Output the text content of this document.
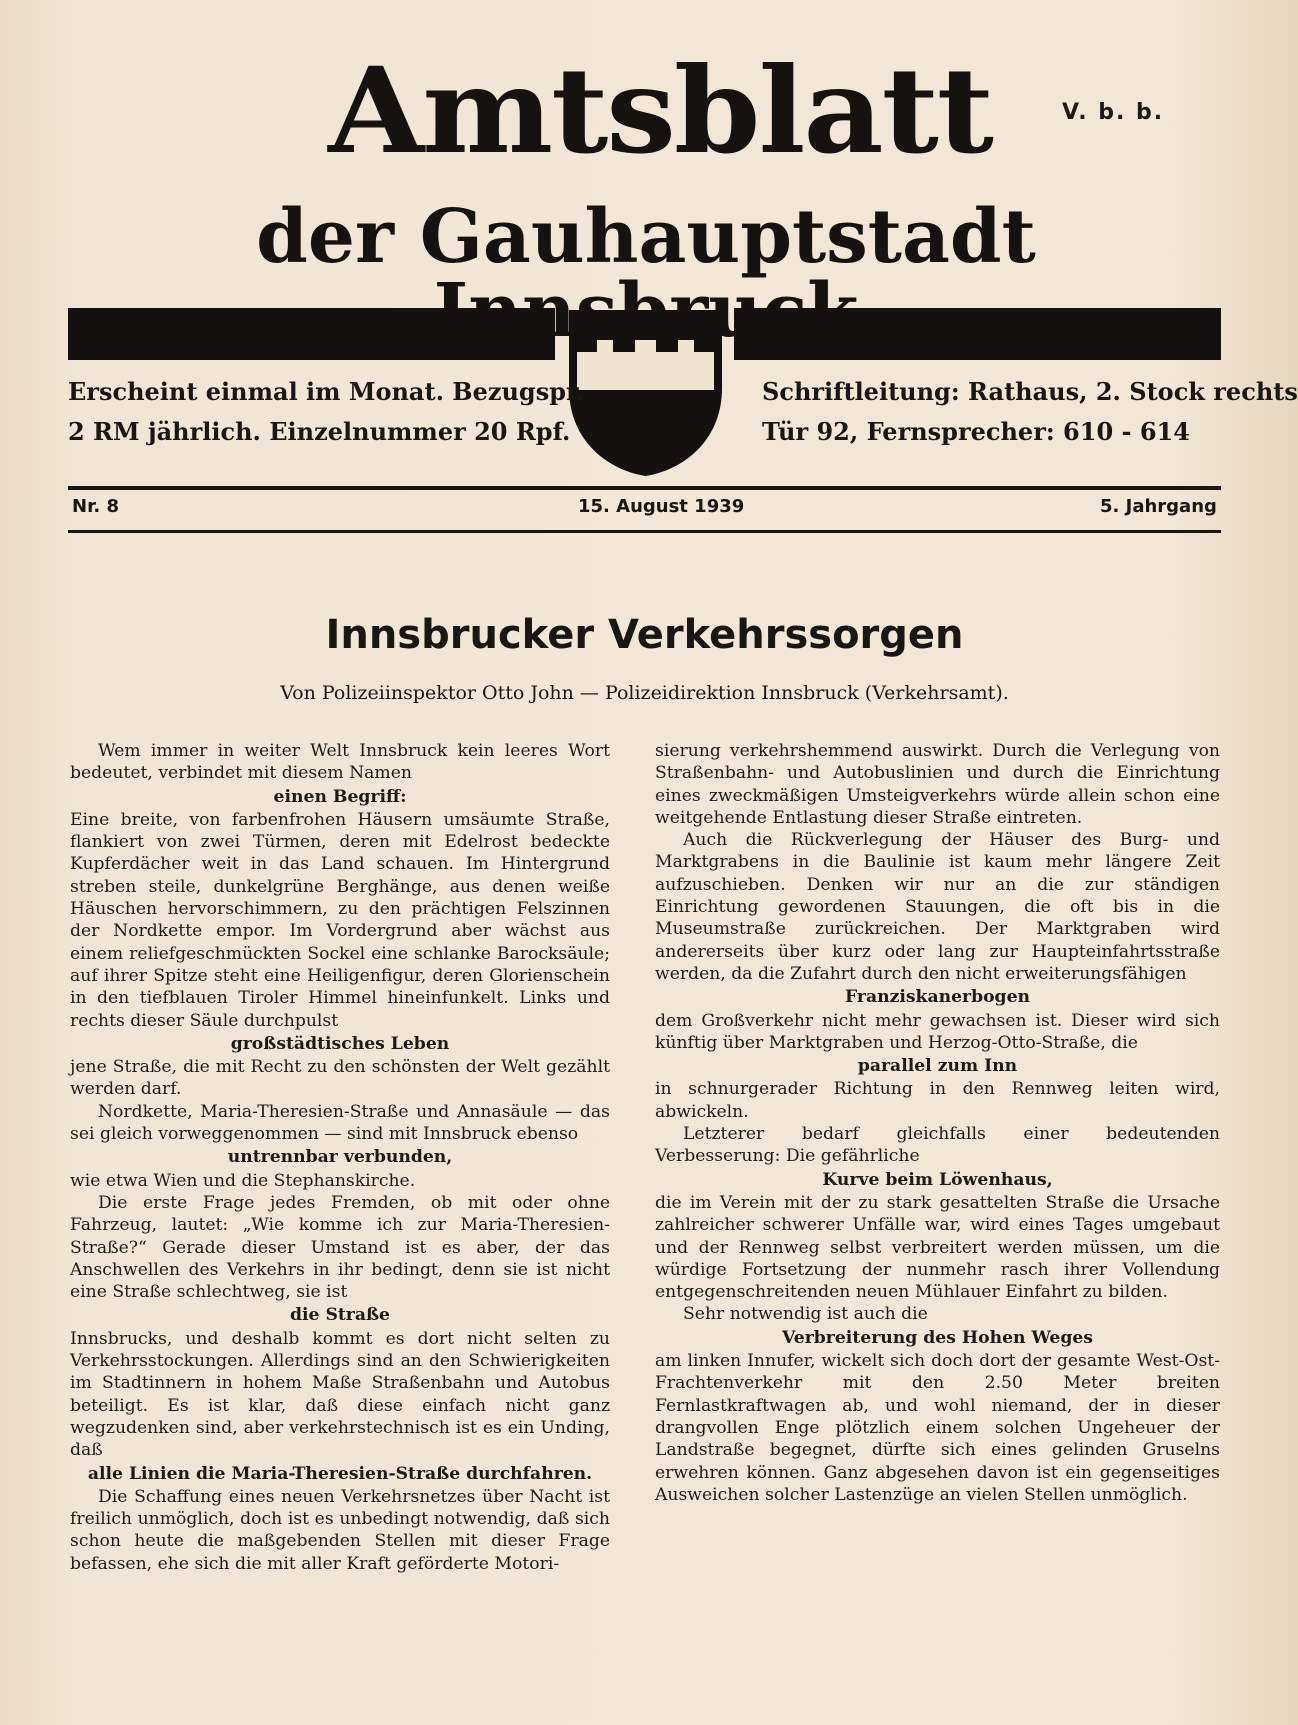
Amtsblatt	V. b. b.
der Gauhauptstadt
Erscheint einmal im Monat. Bezugspr.
2 RM jährlich. Einzelnummer 20 Rpf.
Schriftleitung: Rathaus, 2. Stock rechts
Tür 92, Fernsprecher: 610 - 614
Nr. 8	15. August 1939	5. Jahrgang
Innsbrucker Verkehrssorgen
Von Polizeiinspektor Otto John — Polizeidirektion Innsbruck (Verkehrsamt).

Wem immer in weiter Welt Innsbruck kein leeres Wort bedeutet, verbindet mit diesem Namen

einen Begriff:

Eine breite, von farbenfrohen Häusern umsäumte Straße, flankiert von zwei Türmen, deren mit Edelrost bedeckte Kupferdächer weit in das Land schauen. Im Hintergrund streben steile, dunkelgrüne Berghänge, aus denen weiße Häuschen hervorschimmern, zu den prächtigen Felszinnen der Nordkette empor. Im Vordergrund aber wächst aus einem reliefgeschmückten Sockel eine schlanke Barocksäule; auf ihrer Spitze steht eine Heiligenfigur, deren Glorienschein in den tiefblauen Tiroler Himmel hineinfunkelt. Links und rechts dieser Säule durchpulst

großstädtisches Leben

jene Straße, die mit Recht zu den schönsten der Welt gezählt werden darf.

Nordkette, Maria-Theresien-Straße und Annasäule — das sei gleich vorweggenommen — sind mit Innsbruck ebenso

untrennbar verbunden,

wie etwa Wien und die Stephanskirche.

Die erste Frage jedes Fremden, ob mit oder ohne Fahrzeug, lautet: „Wie komme ich zur Maria-Theresien-Straße?“ Gerade dieser Umstand ist es aber, der das Anschwellen des Verkehrs in ihr bedingt, denn sie ist nicht eine Straße schlechtweg, sie ist

die Straße

Innsbrucks, und deshalb kommt es dort nicht selten zu Verkehrsstockungen. Allerdings sind an den Schwierigkeiten im Stadtinnern in hohem Maße Straßenbahn und Autobus beteiligt. Es ist klar, daß diese einfach nicht ganz wegzudenken sind, aber verkehrstechnisch ist es ein Unding, daß

alle Linien die Maria-Theresien-Straße durchfahren.

Die Schaffung eines neuen Verkehrsnetzes über Nacht ist freilich unmöglich, doch ist es unbedingt notwendig, daß sich schon heute die maßgebenden Stellen mit dieser Frage befassen, ehe sich die mit aller Kraft geförderte Motori-

sierung verkehrshemmend auswirkt. Durch die Verlegung von Straßenbahn- und Autobuslinien und durch die Einrichtung eines zweckmäßigen Umsteigverkehrs würde allein schon eine weitgehende Entlastung dieser Straße eintreten.

Auch die Rückverlegung der Häuser des Burg- und Marktgrabens in die Baulinie ist kaum mehr längere Zeit aufzuschieben. Denken wir nur an die zur ständigen Einrichtung gewordenen Stauungen, die oft bis in die Museumstraße zurückreichen. Der Marktgraben wird andererseits über kurz oder lang zur Haupteinfahrtsstraße werden, da die Zufahrt durch den nicht erweiterungsfähigen

Franziskanerbogen

dem Großverkehr nicht mehr gewachsen ist. Dieser wird sich künftig über Marktgraben und Herzog-Otto-Straße, die

parallel zum Inn

in schnurgerader Richtung in den Rennweg leiten wird, abwickeln.

Letzterer bedarf gleichfalls einer bedeutenden Verbesserung: Die gefährliche

Kurve beim Löwenhaus,

die im Verein mit der zu stark gesattelten Straße die Ursache zahlreicher schwerer Unfälle war, wird eines Tages umgebaut und der Rennweg selbst verbreitert werden müssen, um die würdige Fortsetzung der nunmehr rasch ihrer Vollendung entgegenschreitenden neuen Mühlauer Einfahrt zu bilden.

Sehr notwendig ist auch die

Verbreiterung des Hohen Weges

am linken Innufer, wickelt sich doch dort der gesamte West-Ost-Frachtenverkehr mit den 2.50 Meter breiten Fernlastkraftwagen ab, und wohl niemand, der in dieser drangvollen Enge plötzlich einem solchen Ungeheuer der Landstraße begegnet, dürfte sich eines gelinden Gruselns erwehren können. Ganz abgesehen davon ist ein gegenseitiges Ausweichen solcher Lastenzüge an vielen Stellen unmöglich.
